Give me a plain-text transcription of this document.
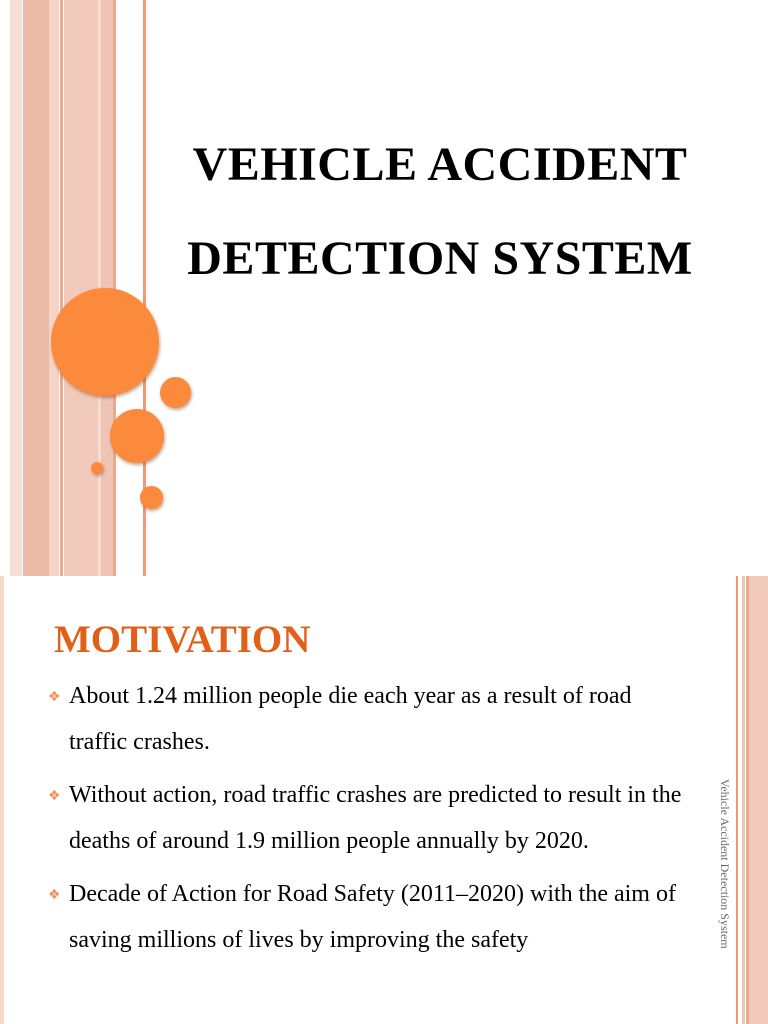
VEHICLE ACCIDENT
DETECTION SYSTEM
MOTIVATION
❖ About 1.24 million people die each year as a result of road traffic crashes.
❖ Without action, road traffic crashes are predicted to result in the deaths of around 1.9 million people annually by 2020.
❖ Decade of Action for Road Safety (2011–2020) with the aim of saving millions of lives by improving the safety	Vehicle Accident Detection System
